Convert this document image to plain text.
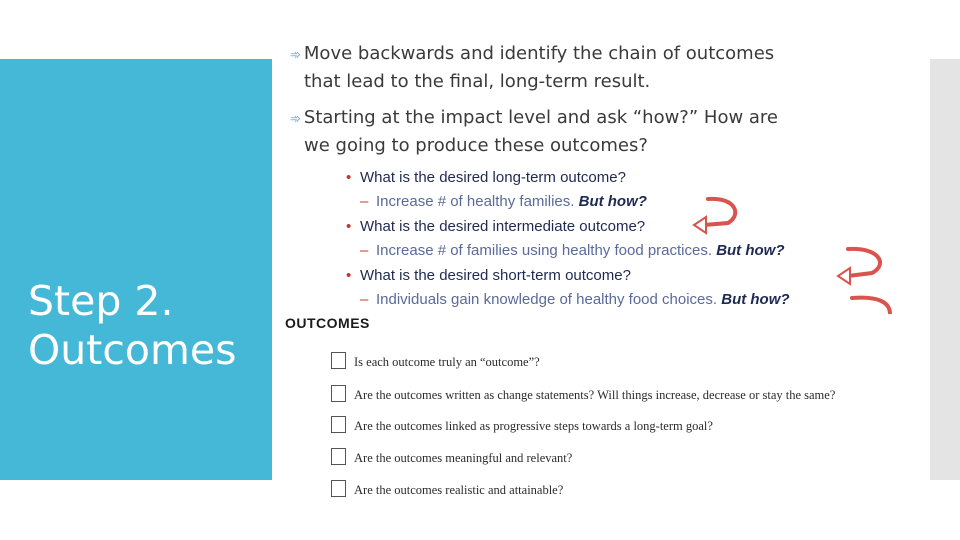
Step 2.
Outcomes
➾ Move backwards and identify the chain of outcomes
that lead to the final, long-term result.
➾ Starting at the impact level and ask “how?” How are
we going to produce these outcomes?
• What is the desired long-term outcome?
– Increase # of healthy families. But how?
• What is the desired intermediate outcome?
– Increase # of families using healthy food practices. But how?
• What is the desired short-term outcome?
– Individuals gain knowledge of healthy food choices. But how?
OUTCOMES
Is each outcome truly an “outcome”?
Are the outcomes written as change statements? Will things increase, decrease or stay the same?
Are the outcomes linked as progressive steps towards a long-term goal?
Are the outcomes meaningful and relevant?
Are the outcomes realistic and attainable?
